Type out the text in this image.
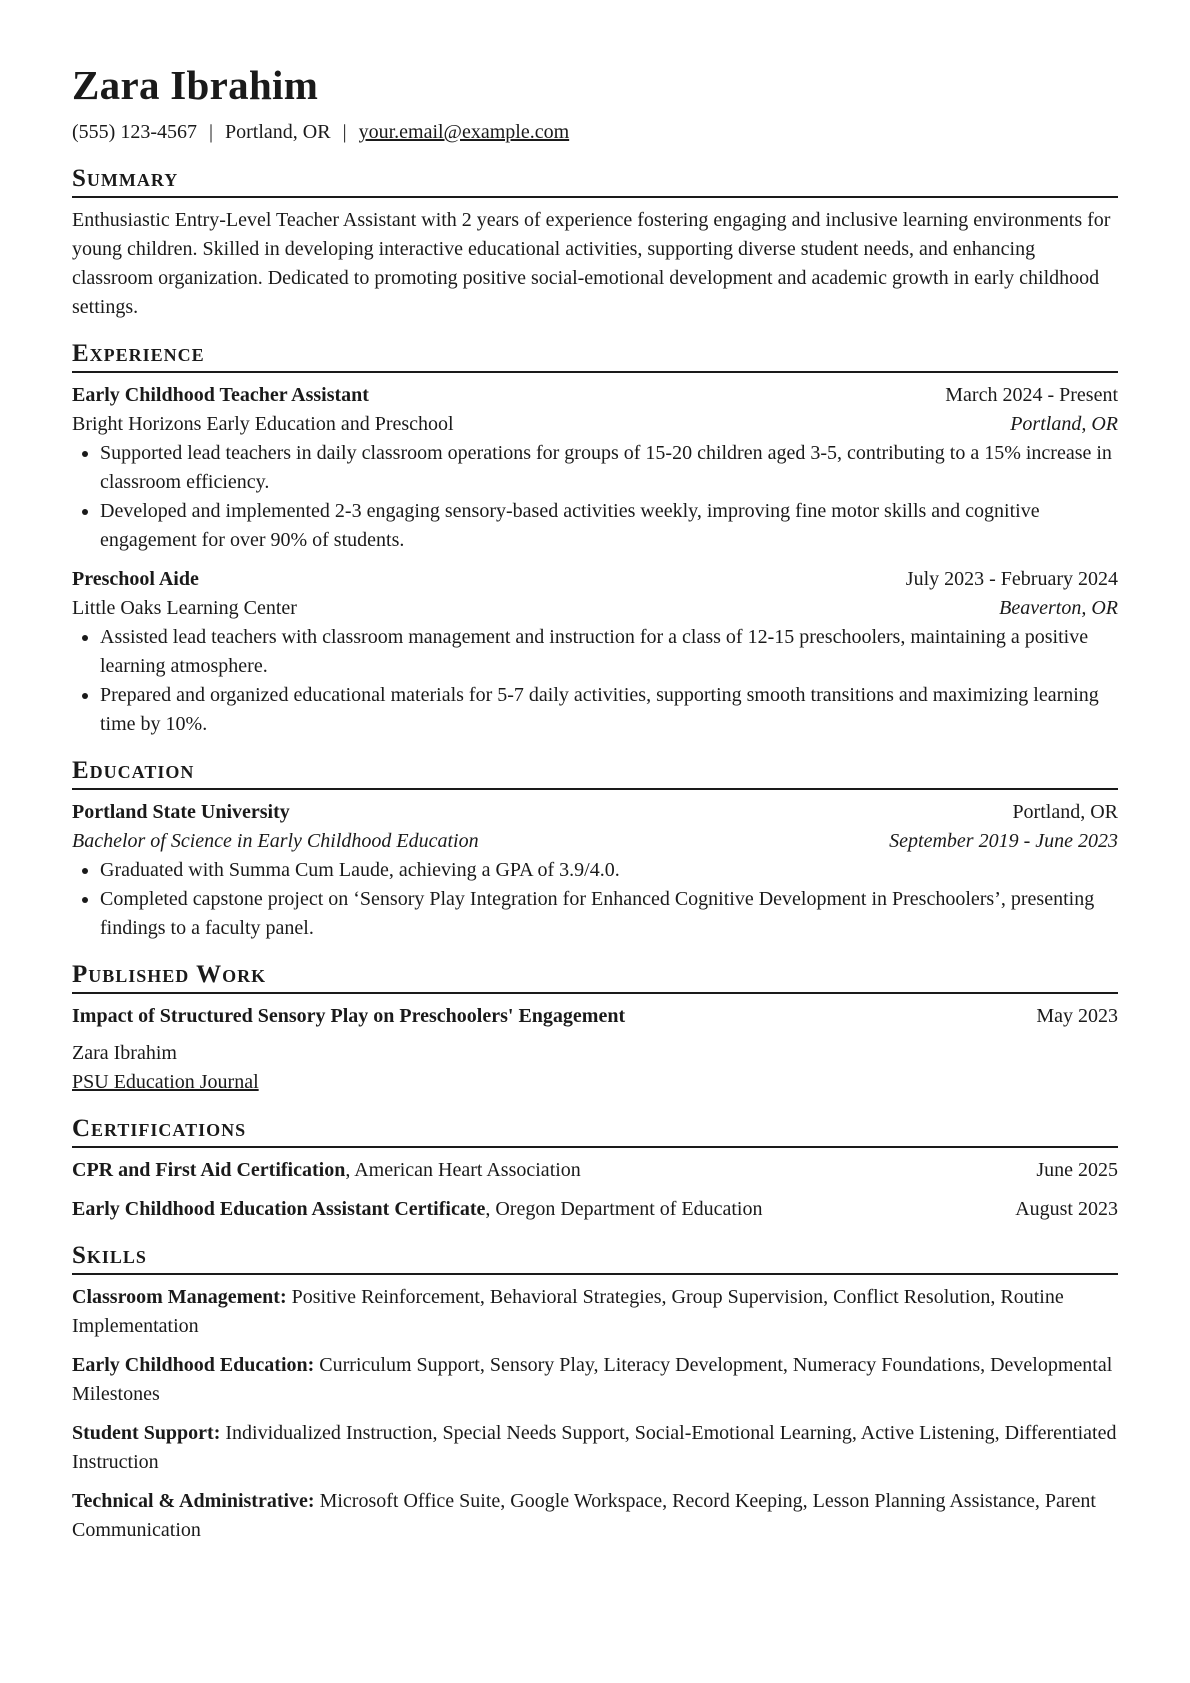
Zara Ibrahim
(555) 123-4567 | Portland, OR | your.email@example.com
Summary

Enthusiastic Entry-Level Teacher Assistant with 2 years of experience fostering engaging and inclusive learning environments for young children. Skilled in developing interactive educational activities, supporting diverse student needs, and enhancing classroom organization. Dedicated to promoting positive social-emotional development and academic growth in early childhood settings.

Experience
Early Childhood Teacher Assistant	March 2024 - Present
Bright Horizons Early Education and Preschool	Portland, OR
• Supported lead teachers in daily classroom operations for groups of 15-20 children aged 3-5, contributing to a 15% increase in classroom efficiency.
• Developed and implemented 2-3 engaging sensory-based activities weekly, improving fine motor skills and cognitive engagement for over 90% of students.
Preschool Aide	July 2023 - February 2024
Little Oaks Learning Center	Beaverton, OR
• Assisted lead teachers with classroom management and instruction for a class of 12-15 preschoolers, maintaining a positive learning atmosphere.
• Prepared and organized educational materials for 5-7 daily activities, supporting smooth transitions and maximizing learning time by 10%.
Education
Portland State University	Portland, OR
Bachelor of Science in Early Childhood Education	September 2019 - June 2023
• Graduated with Summa Cum Laude, achieving a GPA of 3.9/4.0.
• Completed capstone project on ‘Sensory Play Integration for Enhanced Cognitive Development in Preschoolers’, presenting findings to a faculty panel.
Published Work
Impact of Structured Sensory Play on Preschoolers' Engagement	May 2023
Zara Ibrahim
PSU Education Journal
Certifications
CPR and First Aid Certification, American Heart Association	June 2025
Early Childhood Education Assistant Certificate, Oregon Department of Education	August 2023
Skills
Classroom Management: Positive Reinforcement, Behavioral Strategies, Group Supervision, Conflict Resolution, Routine Implementation
Early Childhood Education: Curriculum Support, Sensory Play, Literacy Development, Numeracy Foundations, Developmental Milestones
Student Support: Individualized Instruction, Special Needs Support, Social-Emotional Learning, Active Listening, Differentiated Instruction
Technical & Administrative: Microsoft Office Suite, Google Workspace, Record Keeping, Lesson Planning Assistance, Parent Communication
